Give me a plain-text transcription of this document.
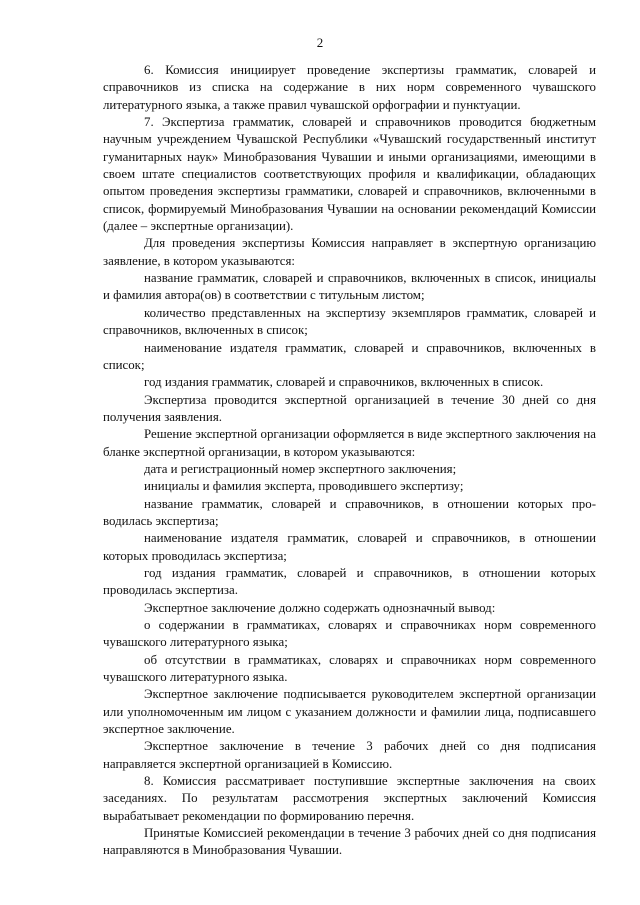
2

6. Комиссия инициирует проведение экспертизы грамматик, словарей и справочников из списка на содержание в них норм современного чувашского литературного языка, а также правил чувашской орфографии и пунктуации.

7. Экспертиза грамматик, словарей и справочников проводится бюджетным научным учреждением Чувашской Республики «Чувашский государственный институт гуманитарных наук» Минобразования Чувашии и иными организациями, имеющими в своем штате специалистов соответствующих профиля и квалификации, обладающих опытом проведения экспертизы грамматики, словарей и справочников, включенными в список, формируемый Минобразования Чувашии на основании рекомендаций Комиссии (далее – экспертные организации).

Для проведения экспертизы Комиссия направляет в экспертную организацию заявление, в котором указываются:

название грамматик, словарей и справочников, включенных в список, инициалы и фамилия автора(ов) в соответствии с титульным листом;

количество представленных на экспертизу экземпляров грамматик, словарей и справочников, включенных в список;

наименование издателя грамматик, словарей и справочников, включенных в список;

год издания грамматик, словарей и справочников, включенных в список.

Экспертиза проводится экспертной организацией в течение 30 дней со дня получения заявления.

Решение экспертной организации оформляется в виде экспертного заключения на бланке экспертной организации, в котором указываются:

дата и регистрационный номер экспертного заключения;

инициалы и фамилия эксперта, проводившего экспертизу;

название грамматик, словарей и справочников, в отношении которых проводилась экспертиза;

наименование издателя грамматик, словарей и справочников, в отношении которых проводилась экспертиза;

год издания грамматик, словарей и справочников, в отношении которых проводилась экспертиза.

Экспертное заключение должно содержать однозначный вывод:

о содержании в грамматиках, словарях и справочниках норм современного чувашского литературного языка;

об отсутствии в грамматиках, словарях и справочниках норм современного чувашского литературного языка.

Экспертное заключение подписывается руководителем экспертной организации или уполномоченным им лицом с указанием должности и фамилии лица, подписавшего экспертное заключение.

Экспертное заключение в течение 3 рабочих дней со дня подписания направляется экспертной организацией в Комиссию.

8. Комиссия рассматривает поступившие экспертные заключения на своих заседаниях. По результатам рассмотрения экспертных заключений Комиссия вырабатывает рекомендации по формированию перечня.

Принятые Комиссией рекомендации в течение 3 рабочих дней со дня подписания направляются в Минобразования Чувашии.
